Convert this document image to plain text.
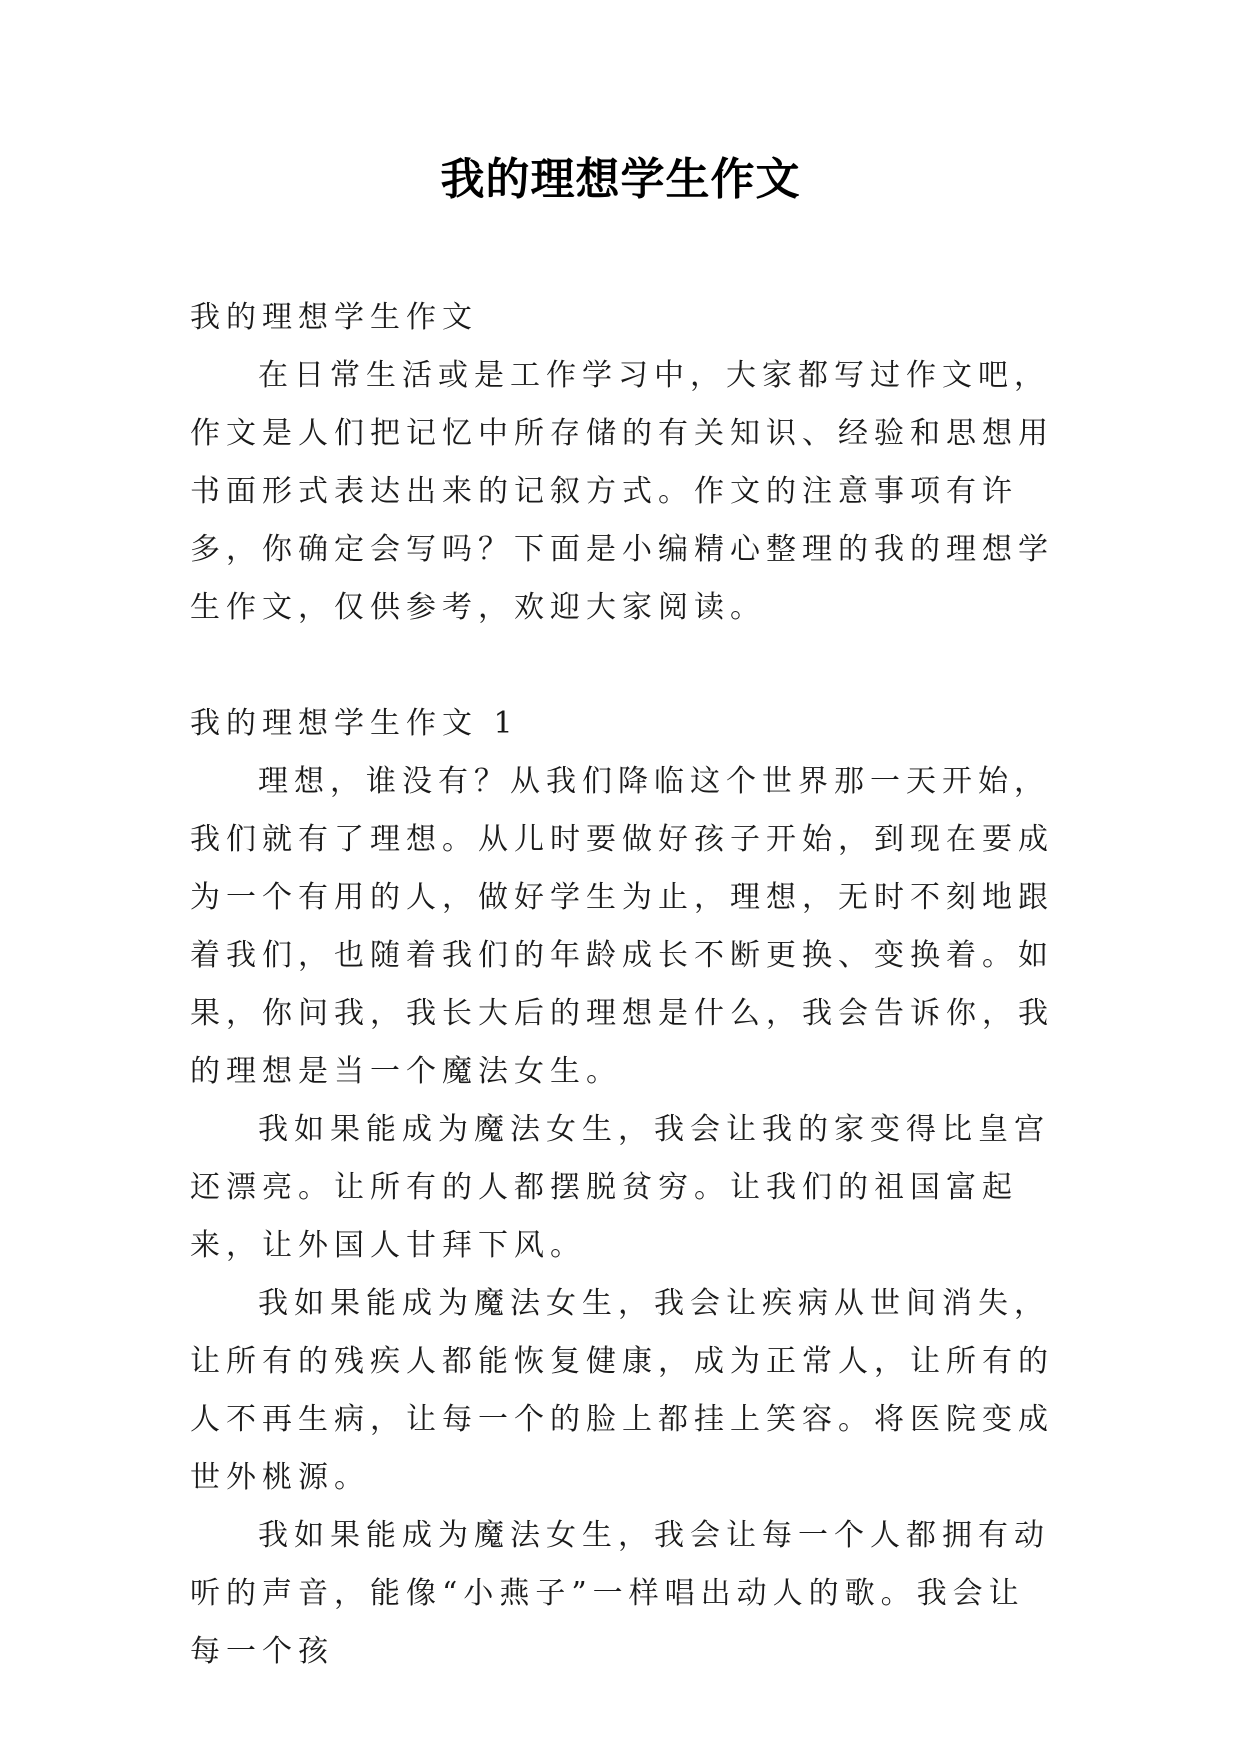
我的理想学生作文

我的理想学生作文

在日常生活或是工作学习中，大家都写过作文吧，作文是人们把记忆中所存储的有关知识、经验和思想用书面形式表达出来的记叙方式。作文的注意事项有许多，你确定会写吗？下面是小编精心整理的我的理想学生作文，仅供参考，欢迎大家阅读。

我的理想学生作文 1

理想，谁没有？从我们降临这个世界那一天开始，我们就有了理想。从儿时要做好孩子开始，到现在要成为一个有用的人，做好学生为止，理想，无时不刻地跟着我们，也随着我们的年龄成长不断更换、变换着。如果，你问我，我长大后的理想是什么，我会告诉你，我的理想是当一个魔法女生。

我如果能成为魔法女生，我会让我的家变得比皇宫还漂亮。让所有的人都摆脱贫穷。让我们的祖国富起来，让外国人甘拜下风。

我如果能成为魔法女生，我会让疾病从世间消失，让所有的残疾人都能恢复健康，成为正常人，让所有的人不再生病，让每一个的脸上都挂上笑容。将医院变成世外桃源。

我如果能成为魔法女生，我会让每一个人都拥有动听的声音，能像“小燕子”一样唱出动人的歌。我会让每一个孩
